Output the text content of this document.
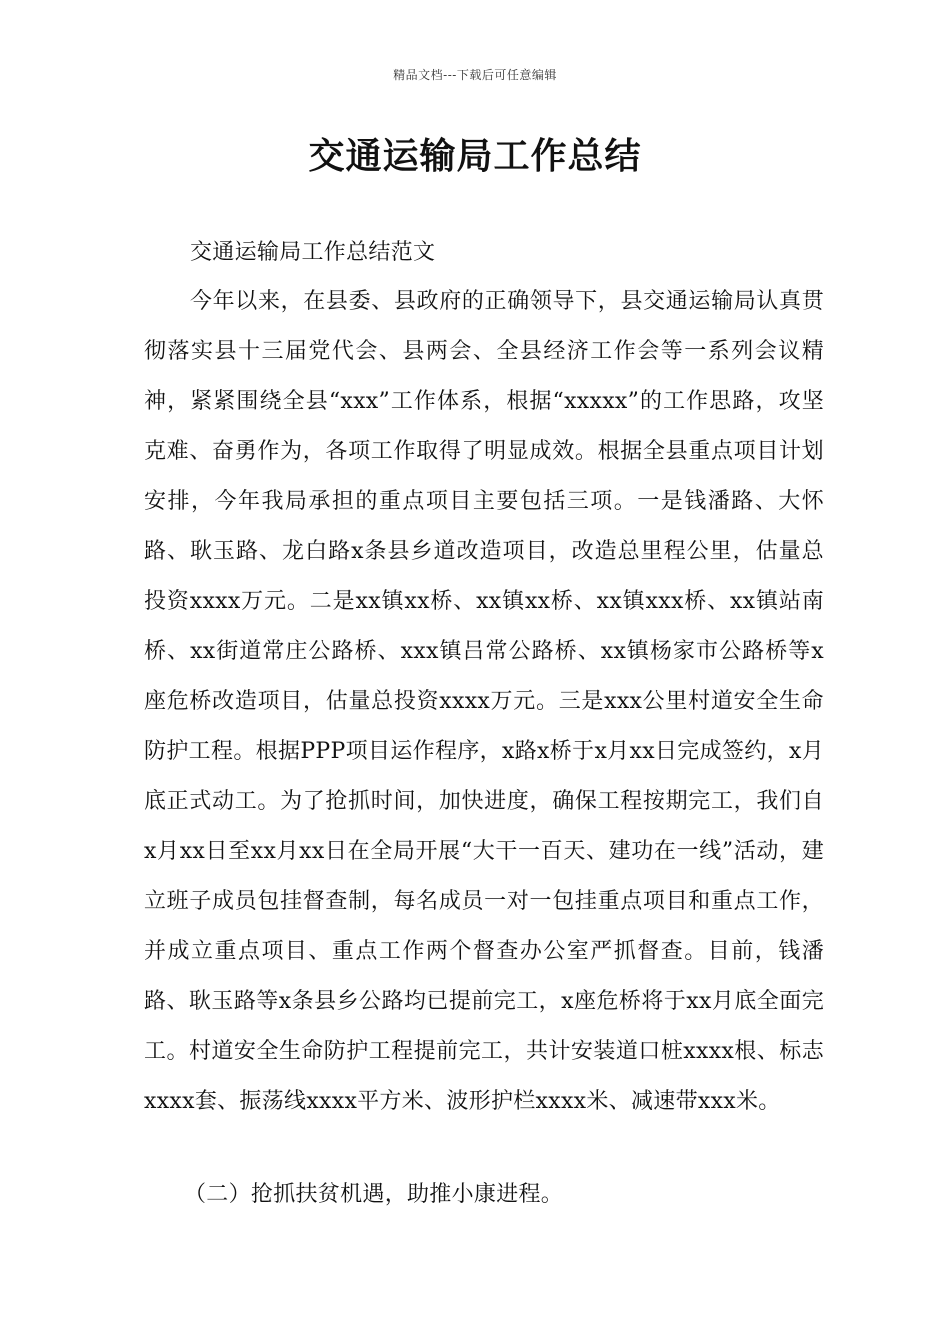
精品文档---下载后可任意编辑
交通运输局工作总结
交通运输局工作总结范文
今年以来，在县委、县政府的正确领导下，县交通运输局认真贯彻落实县十三届党代会、县两会、全县经济工作会等一系列会议精神，紧紧围绕全县“xxx”工作体系，根据“xxxxx”的工作思路，攻坚克难、奋勇作为，各项工作取得了明显成效。根据全县重点项目计划安排，今年我局承担的重点项目主要包括三项。一是钱潘路、大怀路、耿玉路、龙白路x条县乡道改造项目，改造总里程公里，估量总投资xxxx万元。二是xx镇xx桥、xx镇xx桥、xx镇xxx桥、xx镇站南桥、xx街道常庄公路桥、xxx镇吕常公路桥、xx镇杨家市公路桥等x座危桥改造项目，估量总投资xxxx万元。三是xxx公里村道安全生命防护工程。根据PPP项目运作程序，x路x桥于x月xx日完成签约，x月底正式动工。为了抢抓时间，加快进度，确保工程按期完工，我们自x月xx日至xx月xx日在全局开展“大干一百天、建功在一线”活动，建立班子成员包挂督查制，每名成员一对一包挂重点项目和重点工作，并成立重点项目、重点工作两个督查办公室严抓督查。目前，钱潘路、耿玉路等x条县乡公路均已提前完工，x座危桥将于xx月底全面完工。村道安全生命防护工程提前完工，共计安装道口桩xxxx根、标志xxxx套、振荡线xxxx平方米、波形护栏xxxx米、减速带xxx米。
（二）抢抓扶贫机遇，助推小康进程。
